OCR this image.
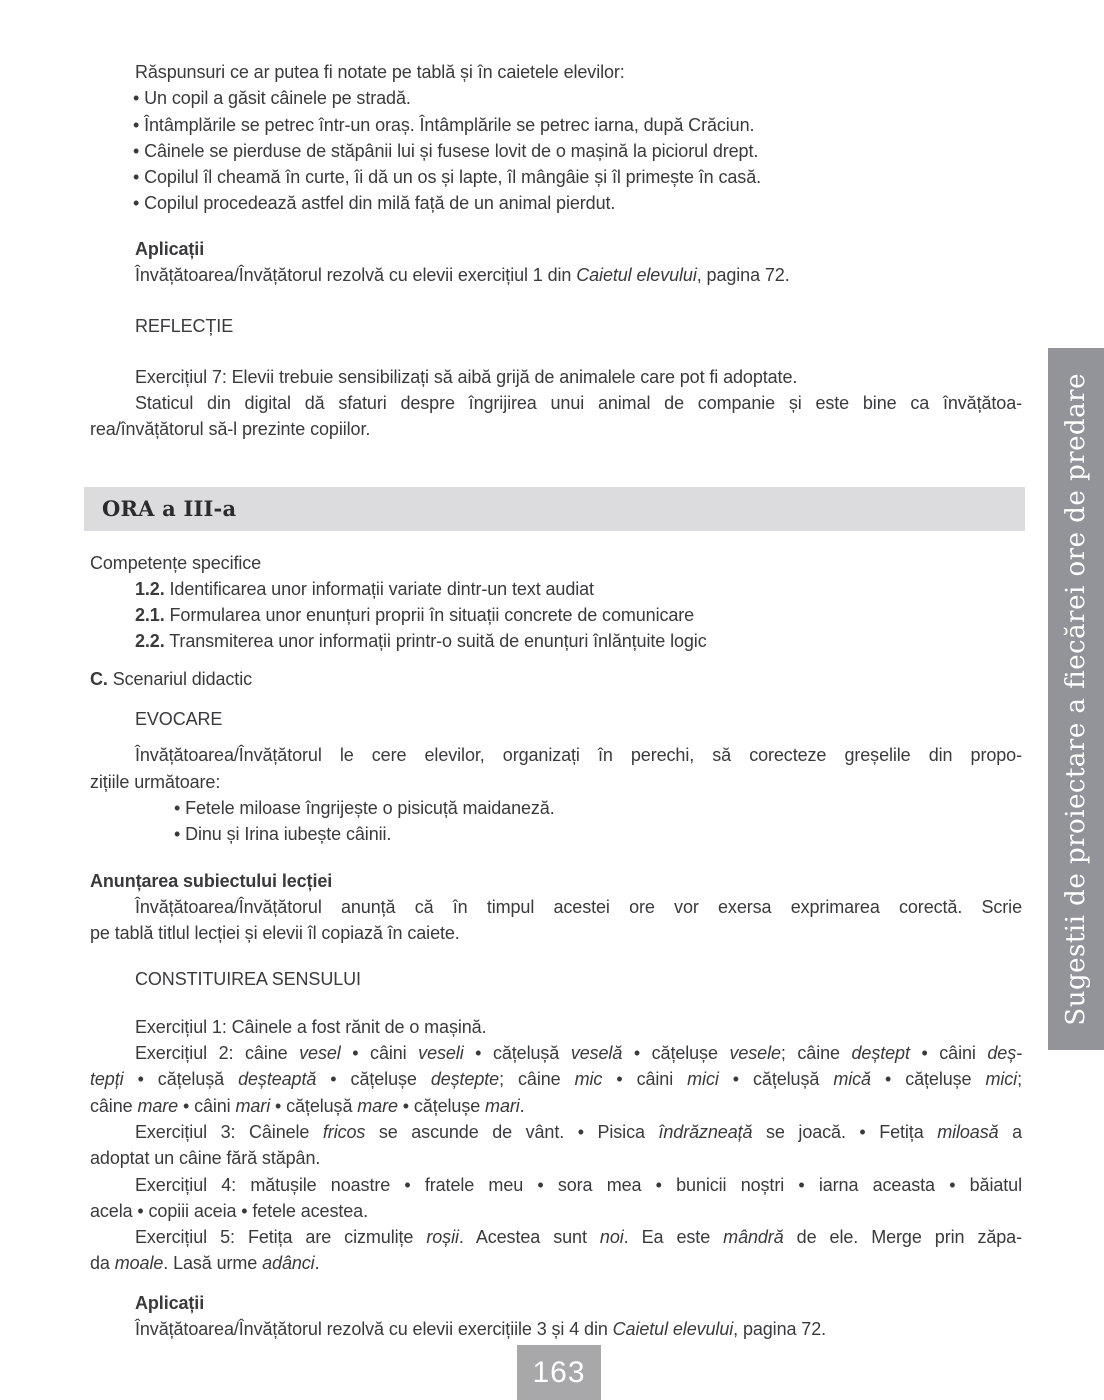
Răspunsuri ce ar putea fi notate pe tablă și în caietele elevilor:
• Un copil a găsit câinele pe stradă.
• Întâmplările se petrec într-un oraș. Întâmplările se petrec iarna, după Crăciun.
• Câinele se pierduse de stăpânii lui și fusese lovit de o mașină la piciorul drept.
• Copilul îl cheamă în curte, îi dă un os și lapte, îl mângâie și îl primește în casă.
• Copilul procedează astfel din milă față de un animal pierdut.
Aplicații
Învățătoarea/Învățătorul rezolvă cu elevii exercițiul 1 din Caietul elevului, pagina 72.
REFLECȚIE
Exercițiul 7: Elevii trebuie sensibilizați să aibă grijă de animalele care pot fi adoptate.
Staticul din digital dă sfaturi despre îngrijirea unui animal de companie și este bine ca învățătoa-
rea/învățătorul să-l prezinte copiilor.
ORA a III-a
Competențe specifice
1.2. Identificarea unor informații variate dintr-un text audiat
2.1. Formularea unor enunțuri proprii în situații concrete de comunicare
2.2. Transmiterea unor informații printr-o suită de enunțuri înlănțuite logic
C. Scenariul didactic
EVOCARE
Învățătoarea/Învățătorul le cere elevilor, organizați în perechi, să corecteze greșelile din propo-
zițiile următoare:
• Fetele miloase îngrijește o pisicuță maidaneză.
• Dinu și Irina iubește câinii.
Anunțarea subiectului lecției
Învățătoarea/Învățătorul anunță că în timpul acestei ore vor exersa exprimarea corectă. Scrie
pe tablă titlul lecției și elevii îl copiază în caiete.
CONSTITUIREA SENSULUI
Exercițiul 1: Câinele a fost rănit de o mașină.
Exercițiul 2: câine vesel • câini veseli • cățelușă veselă • cățelușe vesele; câine deștept • câini deș-
tepți • cățelușă deșteaptă • cățelușe deștepte; câine mic • câini mici • cățelușă mică • cățelușe mici;
câine mare • câini mari • cățelușă mare • cățelușe mari.
Exercițiul 3: Câinele fricos se ascunde de vânt. • Pisica îndrăzneață se joacă. • Fetița miloasă a
adoptat un câine fără stăpân.
Exercițiul 4: mătușile noastre • fratele meu • sora mea • bunicii noștri • iarna aceasta • băiatul
acela • copiii aceia • fetele acestea.
Exercițiul 5: Fetița are cizmulițe roșii. Acestea sunt noi. Ea este mândră de ele. Merge prin zăpa-
da moale. Lasă urme adânci.
Aplicații
Învățătoarea/Învățătorul rezolvă cu elevii exercițiile 3 și 4 din Caietul elevului, pagina 72.
Sugestii de proiectare a fiecărei ore de predare
163
